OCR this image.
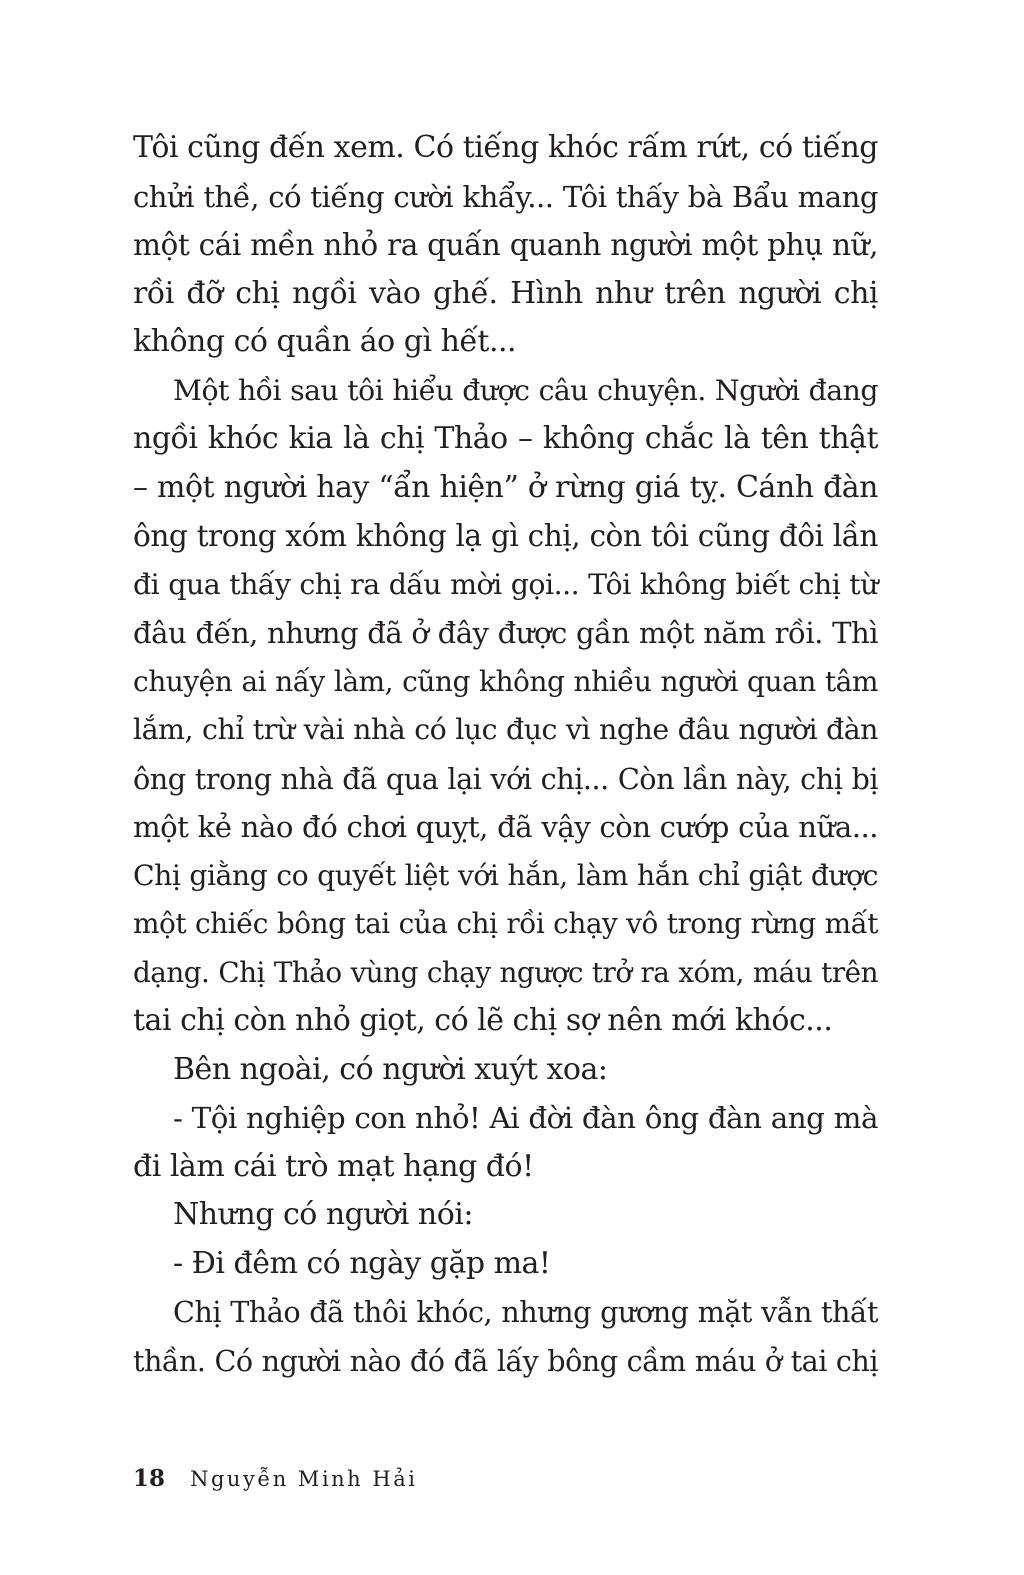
Tôi cũng đến xem. Có tiếng khóc rấm rứt, có tiếng
chửi thề, có tiếng cười khẩy... Tôi thấy bà Bẩu mang
một cái mền nhỏ ra quấn quanh người một phụ nữ,
rồi đỡ chị ngồi vào ghế. Hình như trên người chị
không có quần áo gì hết...
Một hồi sau tôi hiểu được câu chuyện. Người đang
ngồi khóc kia là chị Thảo – không chắc là tên thật
– một người hay “ẩn hiện” ở rừng giá tỵ. Cánh đàn
ông trong xóm không lạ gì chị, còn tôi cũng đôi lần
đi qua thấy chị ra dấu mời gọi... Tôi không biết chị từ
đâu đến, nhưng đã ở đây được gần một năm rồi. Thì
chuyện ai nấy làm, cũng không nhiều người quan tâm
lắm, chỉ trừ vài nhà có lục đục vì nghe đâu người đàn
ông trong nhà đã qua lại với chị... Còn lần này, chị bị
một kẻ nào đó chơi quỵt, đã vậy còn cướp của nữa...
Chị giằng co quyết liệt với hắn, làm hắn chỉ giật được
một chiếc bông tai của chị rồi chạy vô trong rừng mất
dạng. Chị Thảo vùng chạy ngược trở ra xóm, máu trên
tai chị còn nhỏ giọt, có lẽ chị sợ nên mới khóc...
Bên ngoài, có người xuýt xoa:
- Tội nghiệp con nhỏ! Ai đời đàn ông đàn ang mà
đi làm cái trò mạt hạng đó!
Nhưng có người nói:
- Đi đêm có ngày gặp ma!
Chị Thảo đã thôi khóc, nhưng gương mặt vẫn thất
thần. Có người nào đó đã lấy bông cầm máu ở tai chị
18 Nguyễn Minh Hải
